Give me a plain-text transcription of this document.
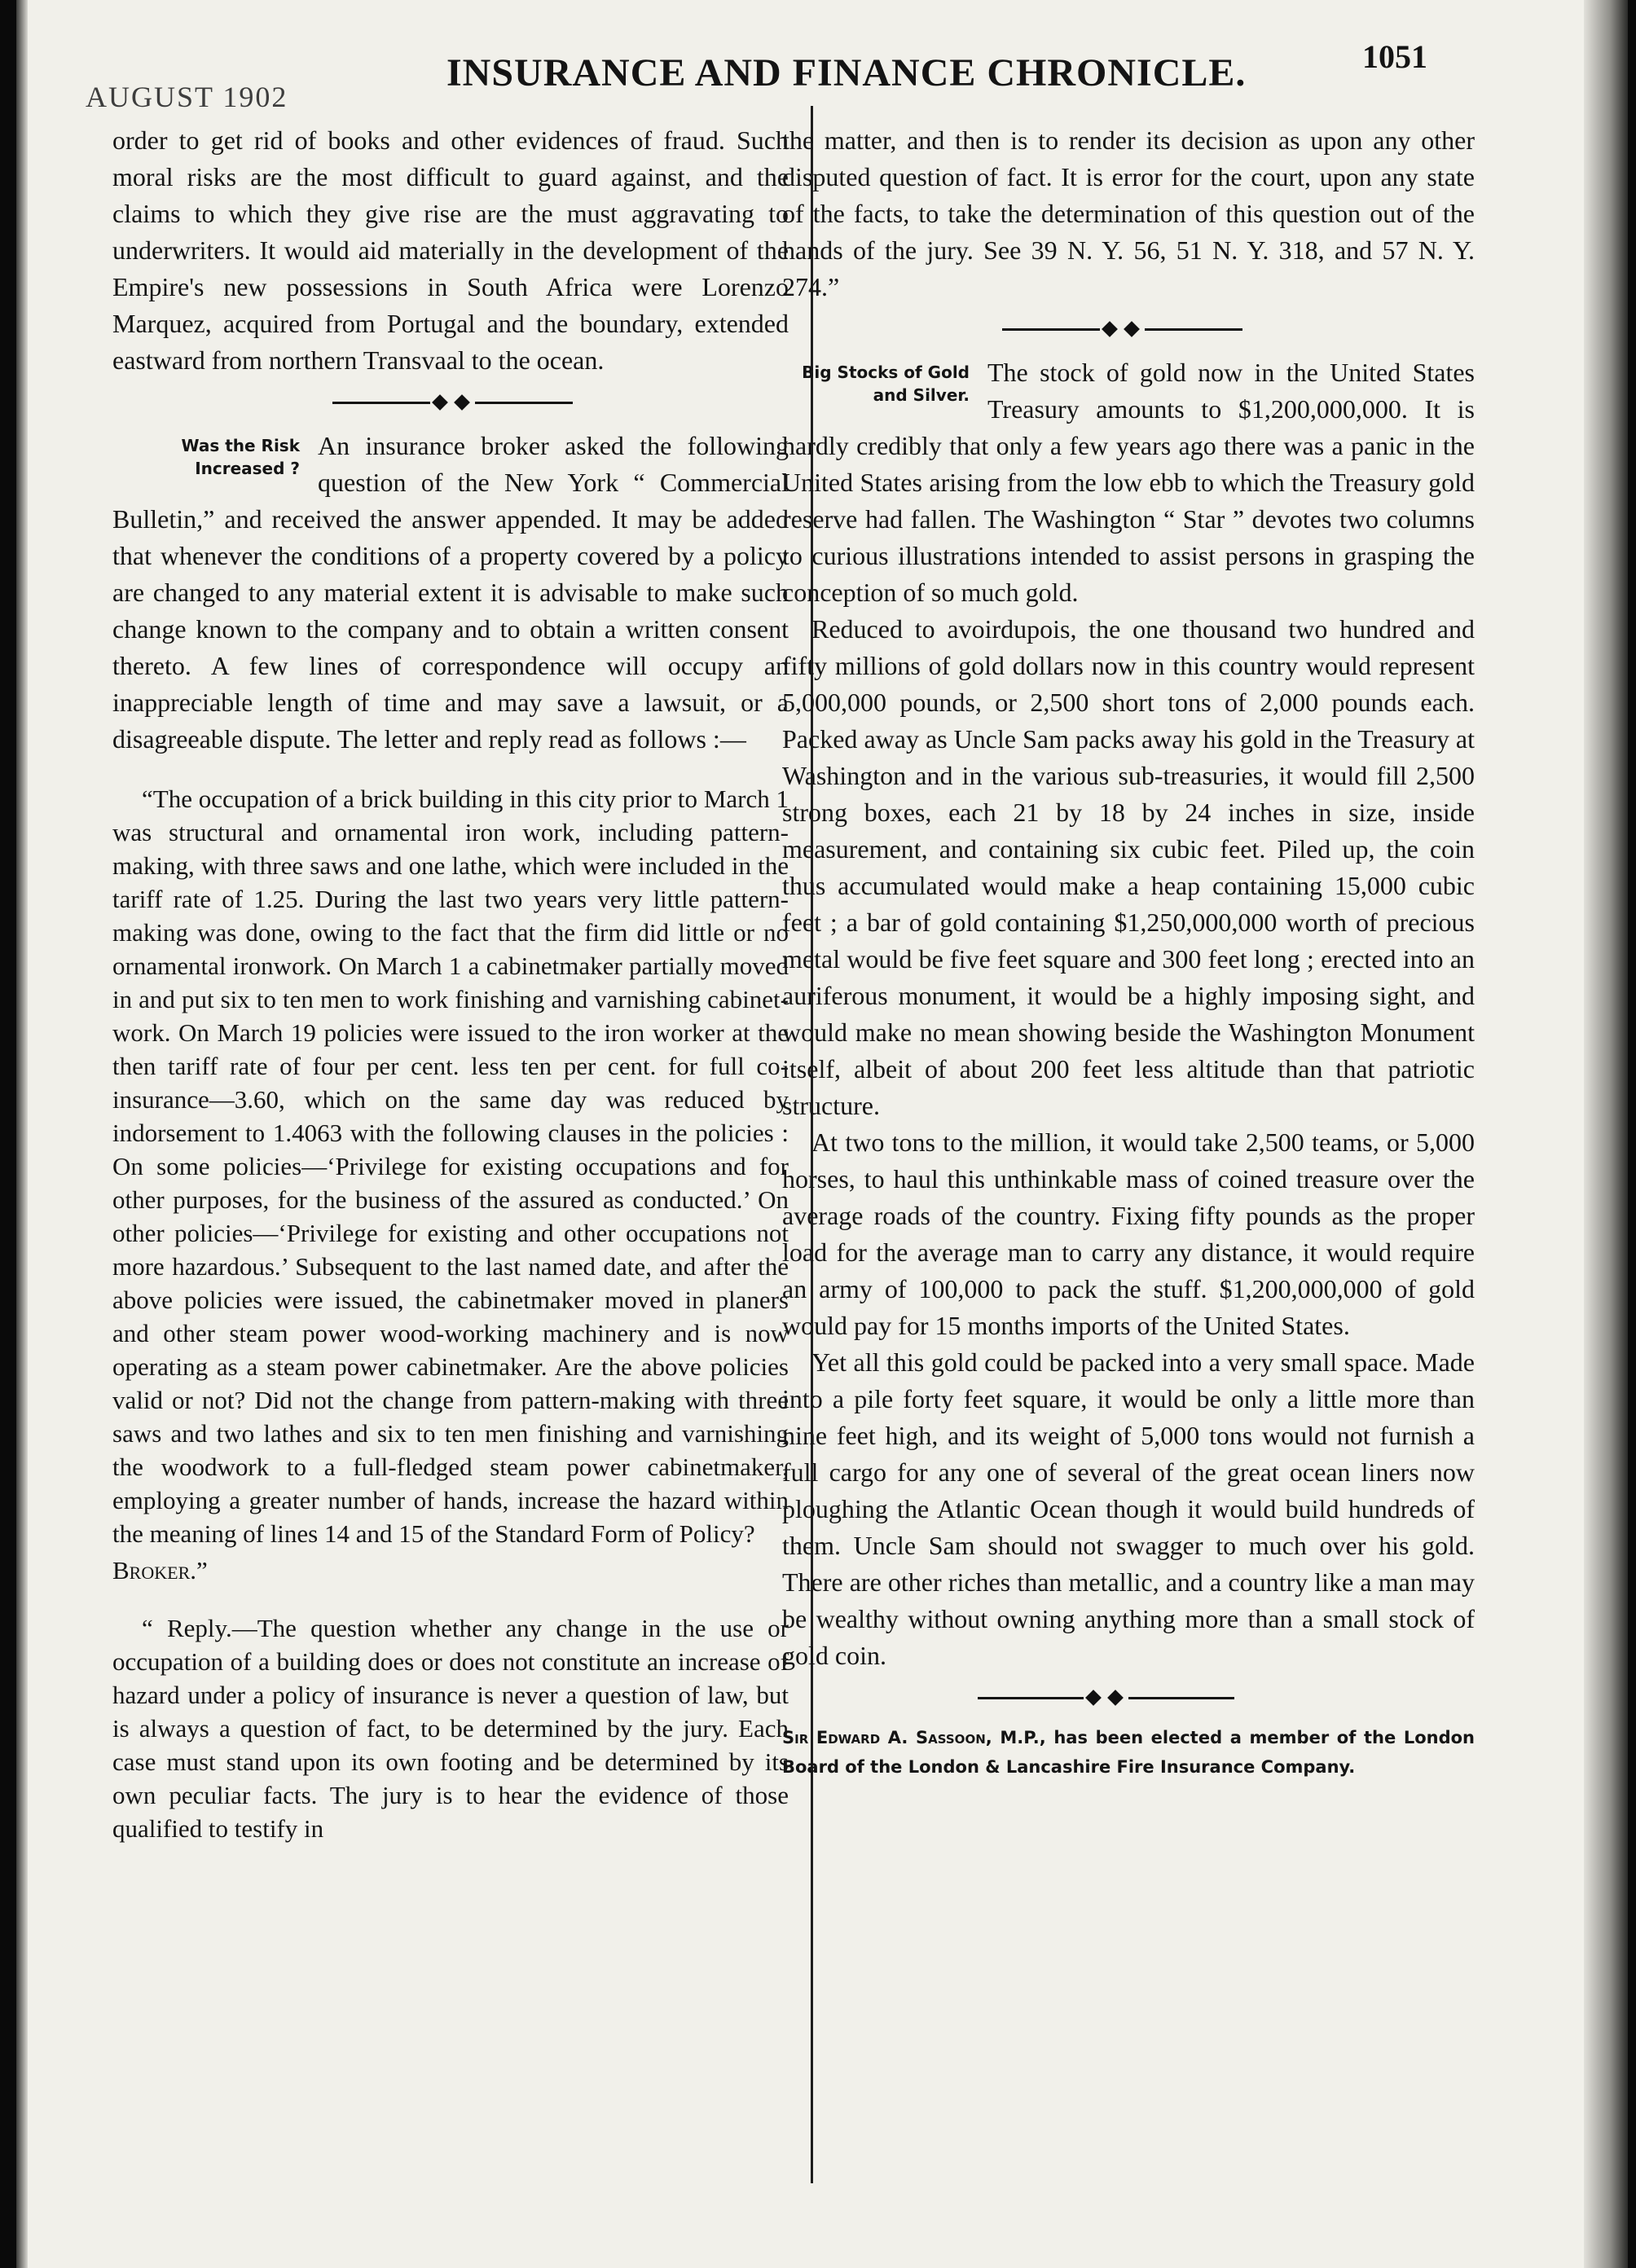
AUGUST 1902
INSURANCE AND FINANCE CHRONICLE.	1051

order to get rid of books and other evidences of fraud. Such moral risks are the most difficult to guard against, and the claims to which they give rise are the must aggravating to underwriters. It would aid materially in the development of the Empire's new possessions in South Africa were Lorenzo Marquez, acquired from Portugal and the boundary, extended eastward from northern Transvaal to the ocean.

Was the Risk Increased ?

An insurance broker asked the following question of the New York “ Commercial Bulletin,” and received the answer appended. It may be added that whenever the conditions of a property covered by a policy are changed to any material extent it is advisable to make such change known to the company and to obtain a written consent thereto. A few lines of correspondence will occupy an inappreciable length of time and may save a lawsuit, or a disagreeable dispute. The letter and reply read as follows :—

“The occupation of a brick building in this city prior to March 1 was structural and ornamental iron work, including pattern-making, with three saws and one lathe, which were included in the tariff rate of 1.25. During the last two years very little pattern-making was done, owing to the fact that the firm did little or no ornamental ironwork. On March 1 a cabinetmaker partially moved in and put six to ten men to work finishing and varnishing cabinet-work. On March 19 policies were issued to the iron worker at the then tariff rate of four per cent. less ten per cent. for full co-insurance—3.60, which on the same day was reduced by indorsement to 1.4063 with the following clauses in the policies : On some policies—‘Privilege for existing occupations and for other purposes, for the business of the assured as conducted.’ On other policies—‘Privilege for existing and other occupations not more hazardous.’ Subsequent to the last named date, and after the above policies were issued, the cabinetmaker moved in planers and other steam power wood-working machinery and is now operating as a steam power cabinetmaker. Are the above policies valid or not? Did not the change from pattern-making with three saws and two lathes and six to ten men finishing and varnishing the woodwork to a full-fledged steam power cabinetmaker, employing a greater number of hands, increase the hazard within the meaning of lines 14 and 15 of the Standard Form of Policy?

Broker.”

“ Reply.—The question whether any change in the use or occupation of a building does or does not constitute an increase of hazard under a policy of insurance is never a question of law, but is always a question of fact, to be determined by the jury. Each case must stand upon its own footing and be determined by its own peculiar facts. The jury is to hear the evidence of those qualified to testify in

the matter, and then is to render its decision as upon any other disputed question of fact. It is error for the court, upon any state of the facts, to take the determination of this question out of the hands of the jury. See 39 N. Y. 56, 51 N. Y. 318, and 57 N. Y. 274.”

Big Stocks of Gold and Silver.

The stock of gold now in the United States Treasury amounts to $1,200,000,000. It is hardly credibly that only a few years ago there was a panic in the United States arising from the low ebb to which the Treasury gold reserve had fallen. The Washington “ Star ” devotes two columns to curious illustrations intended to assist persons in grasping the conception of so much gold.

Reduced to avoirdupois, the one thousand two hundred and fifty millions of gold dollars now in this country would represent 5,000,000 pounds, or 2,500 short tons of 2,000 pounds each. Packed away as Uncle Sam packs away his gold in the Treasury at Washington and in the various sub-treasuries, it would fill 2,500 strong boxes, each 21 by 18 by 24 inches in size, inside measurement, and containing six cubic feet. Piled up, the coin thus accumulated would make a heap containing 15,000 cubic feet ; a bar of gold containing $1,250,000,000 worth of precious metal would be five feet square and 300 feet long ; erected into an auriferous monument, it would be a highly imposing sight, and would make no mean showing beside the Washington Monument itself, albeit of about 200 feet less altitude than that patriotic structure.

At two tons to the million, it would take 2,500 teams, or 5,000 horses, to haul this unthinkable mass of coined treasure over the average roads of the country. Fixing fifty pounds as the proper load for the average man to carry any distance, it would require an army of 100,000 to pack the stuff. $1,200,000,000 of gold would pay for 15 months imports of the United States.

Yet all this gold could be packed into a very small space. Made into a pile forty feet square, it would be only a little more than nine feet high, and its weight of 5,000 tons would not furnish a full cargo for any one of several of the great ocean liners now ploughing the Atlantic Ocean though it would build hundreds of them. Uncle Sam should not swagger to much over his gold. There are other riches than metallic, and a country like a man may be wealthy without owning anything more than a small stock of gold coin.

Sir Edward A. Sassoon, M.P., has been elected a member of the London Board of the London & Lancashire Fire Insurance Company.
